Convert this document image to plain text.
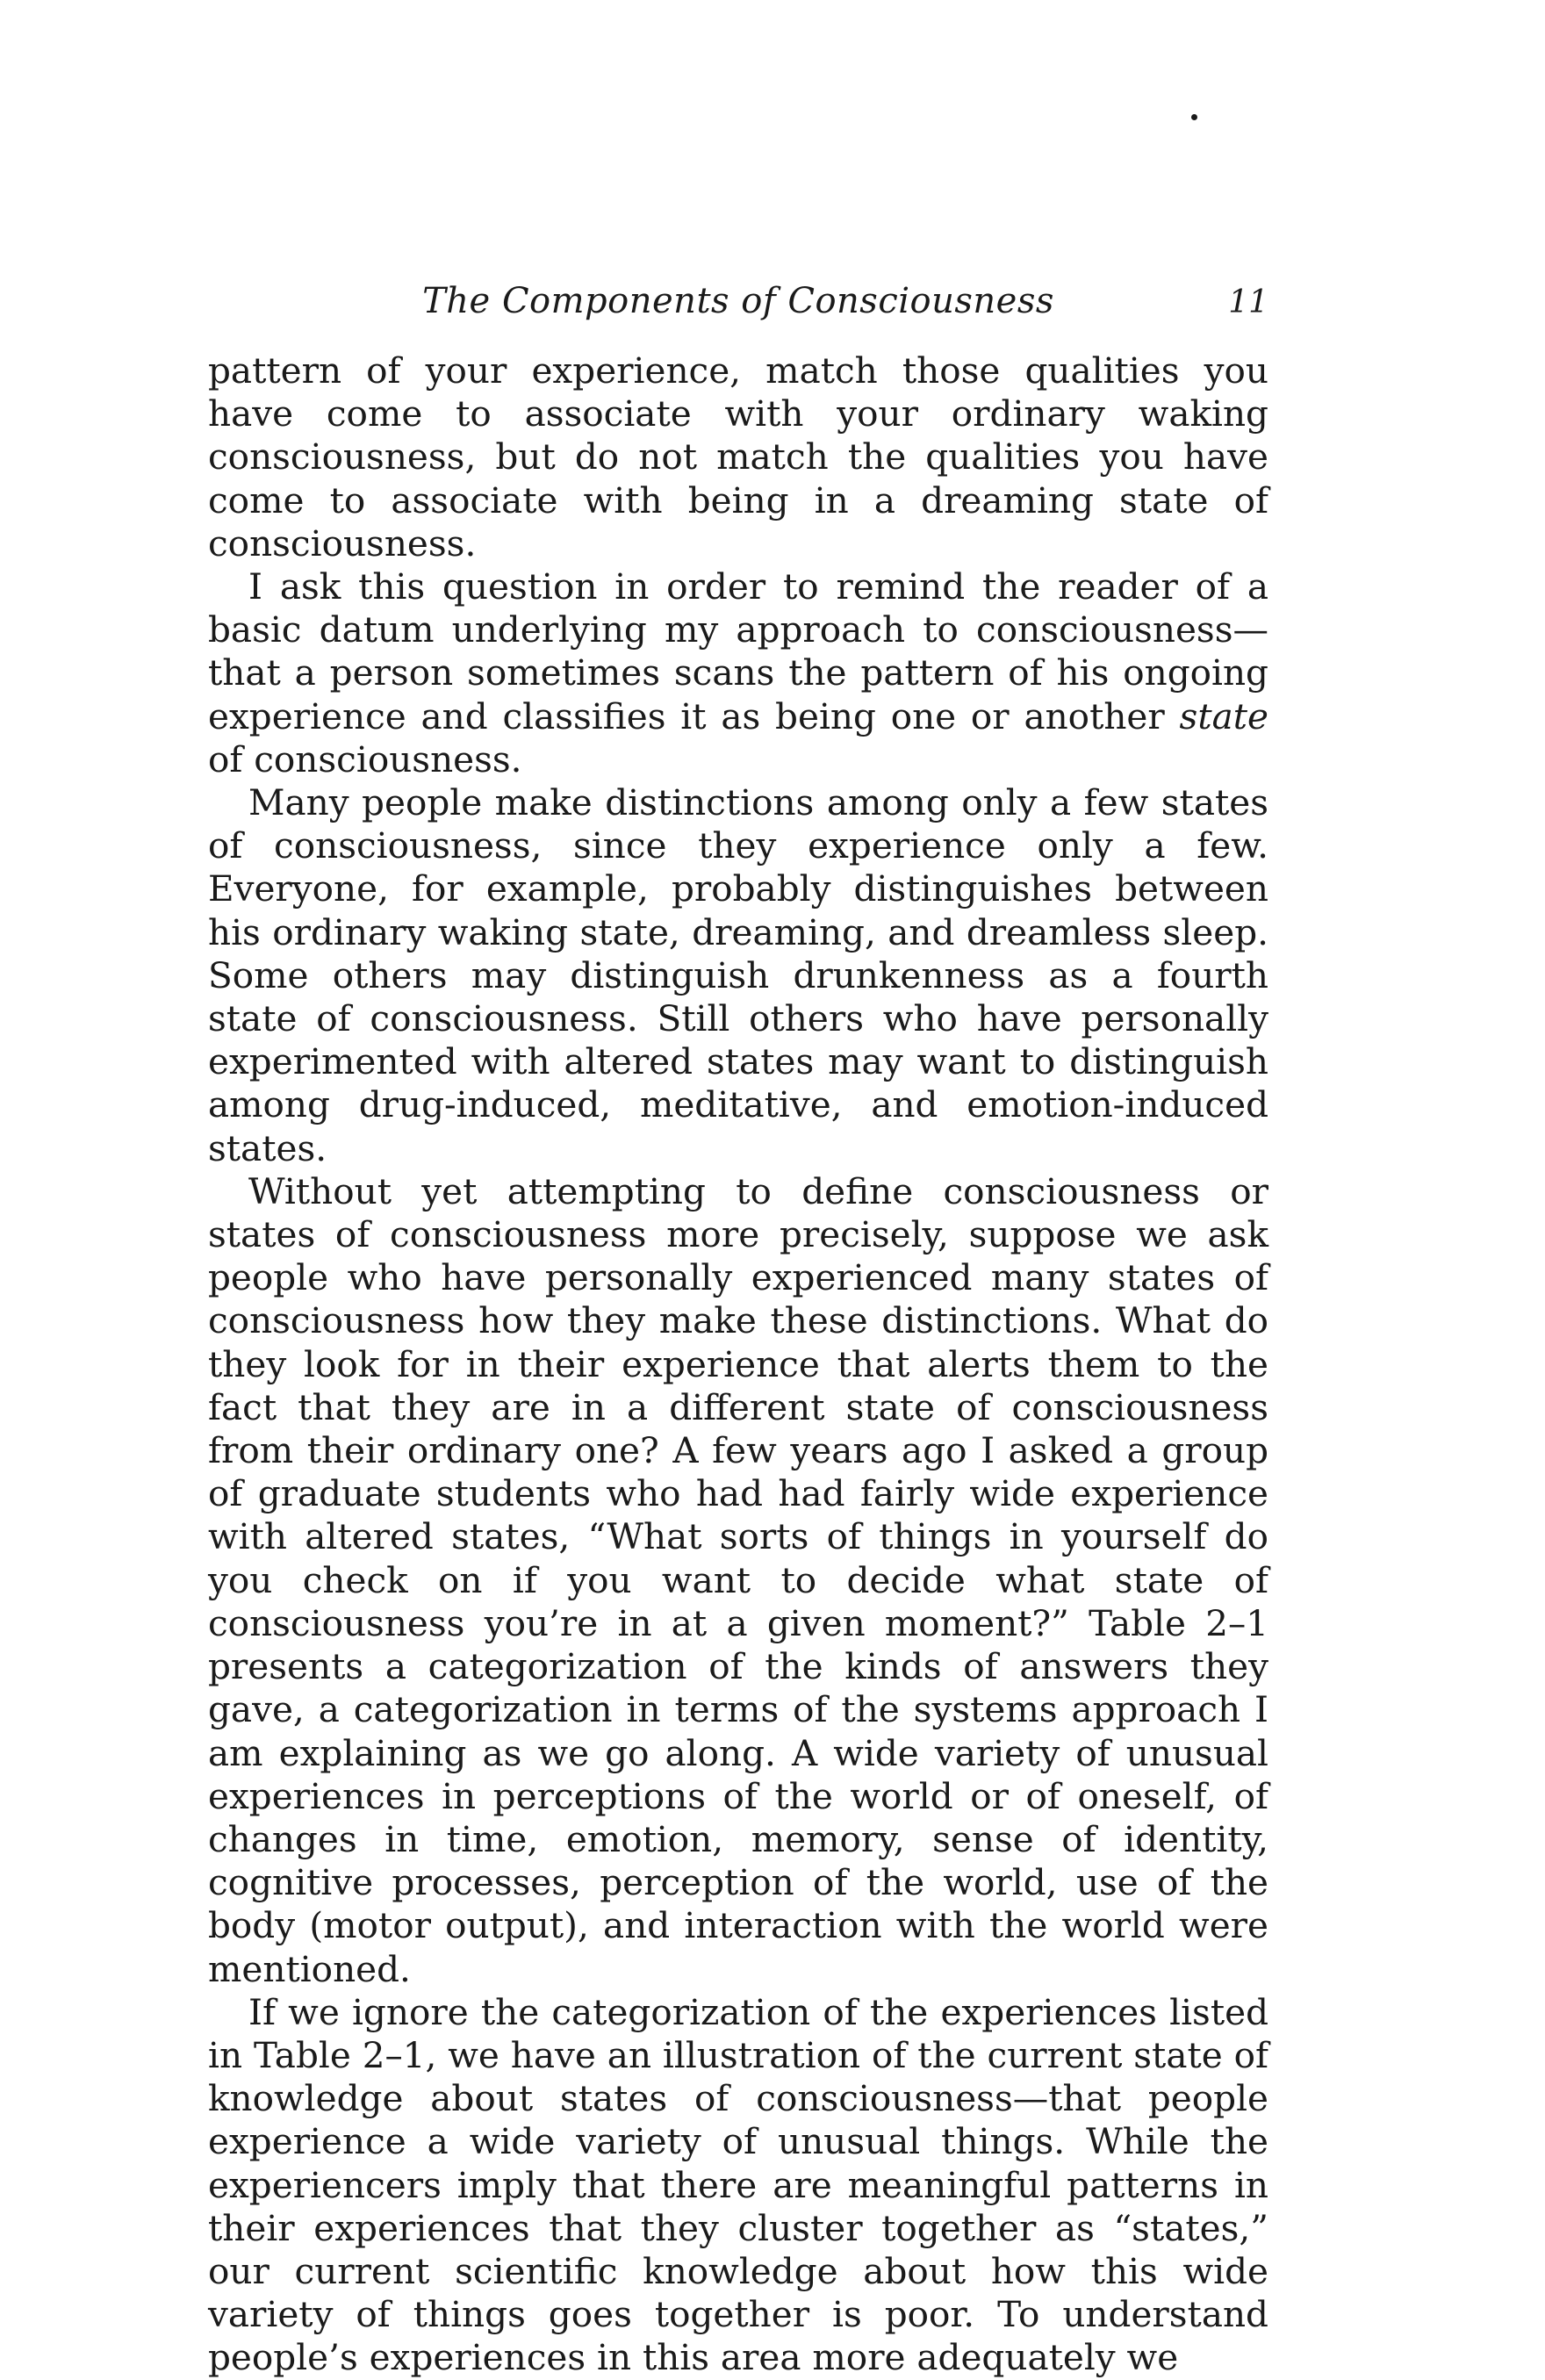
The Components of Consciousness	11

pattern of your experience, match those qualities you have come to associate with your ordinary waking consciousness, but do not match the qualities you have come to associate with being in a dreaming state of consciousness.

I ask this question in order to remind the reader of a basic datum underlying my approach to consciousness—that a person sometimes scans the pattern of his ongoing experience and classifies it as being one or another state of consciousness.

Many people make distinctions among only a few states of consciousness, since they experience only a few. Everyone, for example, probably distinguishes between his ordinary waking state, dreaming, and dreamless sleep. Some others may distinguish drunkenness as a fourth state of consciousness. Still others who have personally experimented with altered states may want to distinguish among drug-induced, meditative, and emotion-induced states.

Without yet attempting to define consciousness or states of consciousness more precisely, suppose we ask people who have personally experienced many states of consciousness how they make these distinctions. What do they look for in their experience that alerts them to the fact that they are in a different state of consciousness from their ordinary one? A few years ago I asked a group of graduate students who had had fairly wide experience with altered states, “What sorts of things in yourself do you check on if you want to decide what state of consciousness you’re in at a given moment?” Table 2–1 presents a categorization of the kinds of answers they gave, a categorization in terms of the systems approach I am explaining as we go along. A wide variety of unusual experiences in perceptions of the world or of oneself, of changes in time, emotion, memory, sense of identity, cognitive processes, perception of the world, use of the body (motor output), and interaction with the world were mentioned.

If we ignore the categorization of the experiences listed in Table 2–1, we have an illustration of the current state of knowledge about states of consciousness—that people experience a wide variety of unusual things. While the experiencers imply that there are meaningful patterns in their experiences that they cluster together as “states,” our current scientific knowledge about how this wide variety of things goes together is poor. To understand people’s experiences in this area more adequately we
